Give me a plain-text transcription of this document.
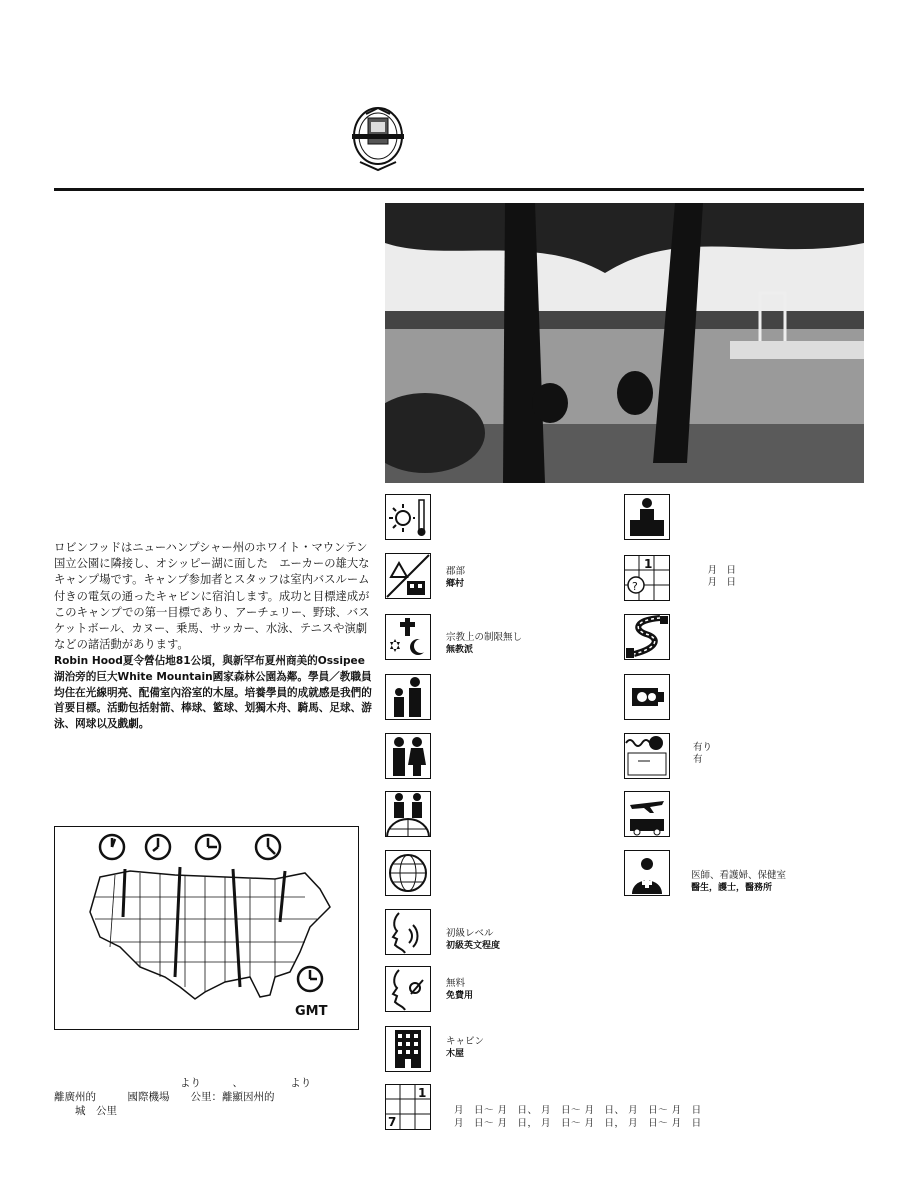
ロビンフッドはニューハンプシャー州のホワイト・マウンテン国立公園に隣接し、オシッピー湖に面した　エーカーの雄大なキャンプ場です。キャンプ参加者とスタッフは室内バスルーム付きの電気の通ったキャビンに宿泊します。成功と目標達成がこのキャンプでの第一目標であり、アーチェリー、野球、バスケットボール、カヌー、乗馬、サッカー、水泳、テニスや演劇などの諸活動があります。
Robin Hood夏令營佔地81公頃，與新罕布夏州商美的Ossipee湖治旁的巨大White Mountain國家森林公園為鄰。學員／教職員均住在光線明亮、配備室內浴室的木屋。培養學員的成就感是我們的首要目標。活動包括射箭、棒球、籃球、划獨木舟、騎馬、足球、游泳、网球以及戲劇。
GMT
　　　　　　　　　　　　より　　　、　　　　　より
離廣州的　　　國際機場　　公里：離顯因州的
　　城　公里
郡部
鄉村
宗教上の制限無し
無教派
初級レベル
初級英文程度
無料
免費用
キャビン
木屋
1
7
月　日～ 月　日、 月　日～ 月　日、 月　日～ 月　日
月　日～ 月　日， 月　日～ 月　日， 月　日～ 月　日
1
?
　月　日
　月　日
有り
有
医師、看護婦、保健室
醫生，護士，醫務所
